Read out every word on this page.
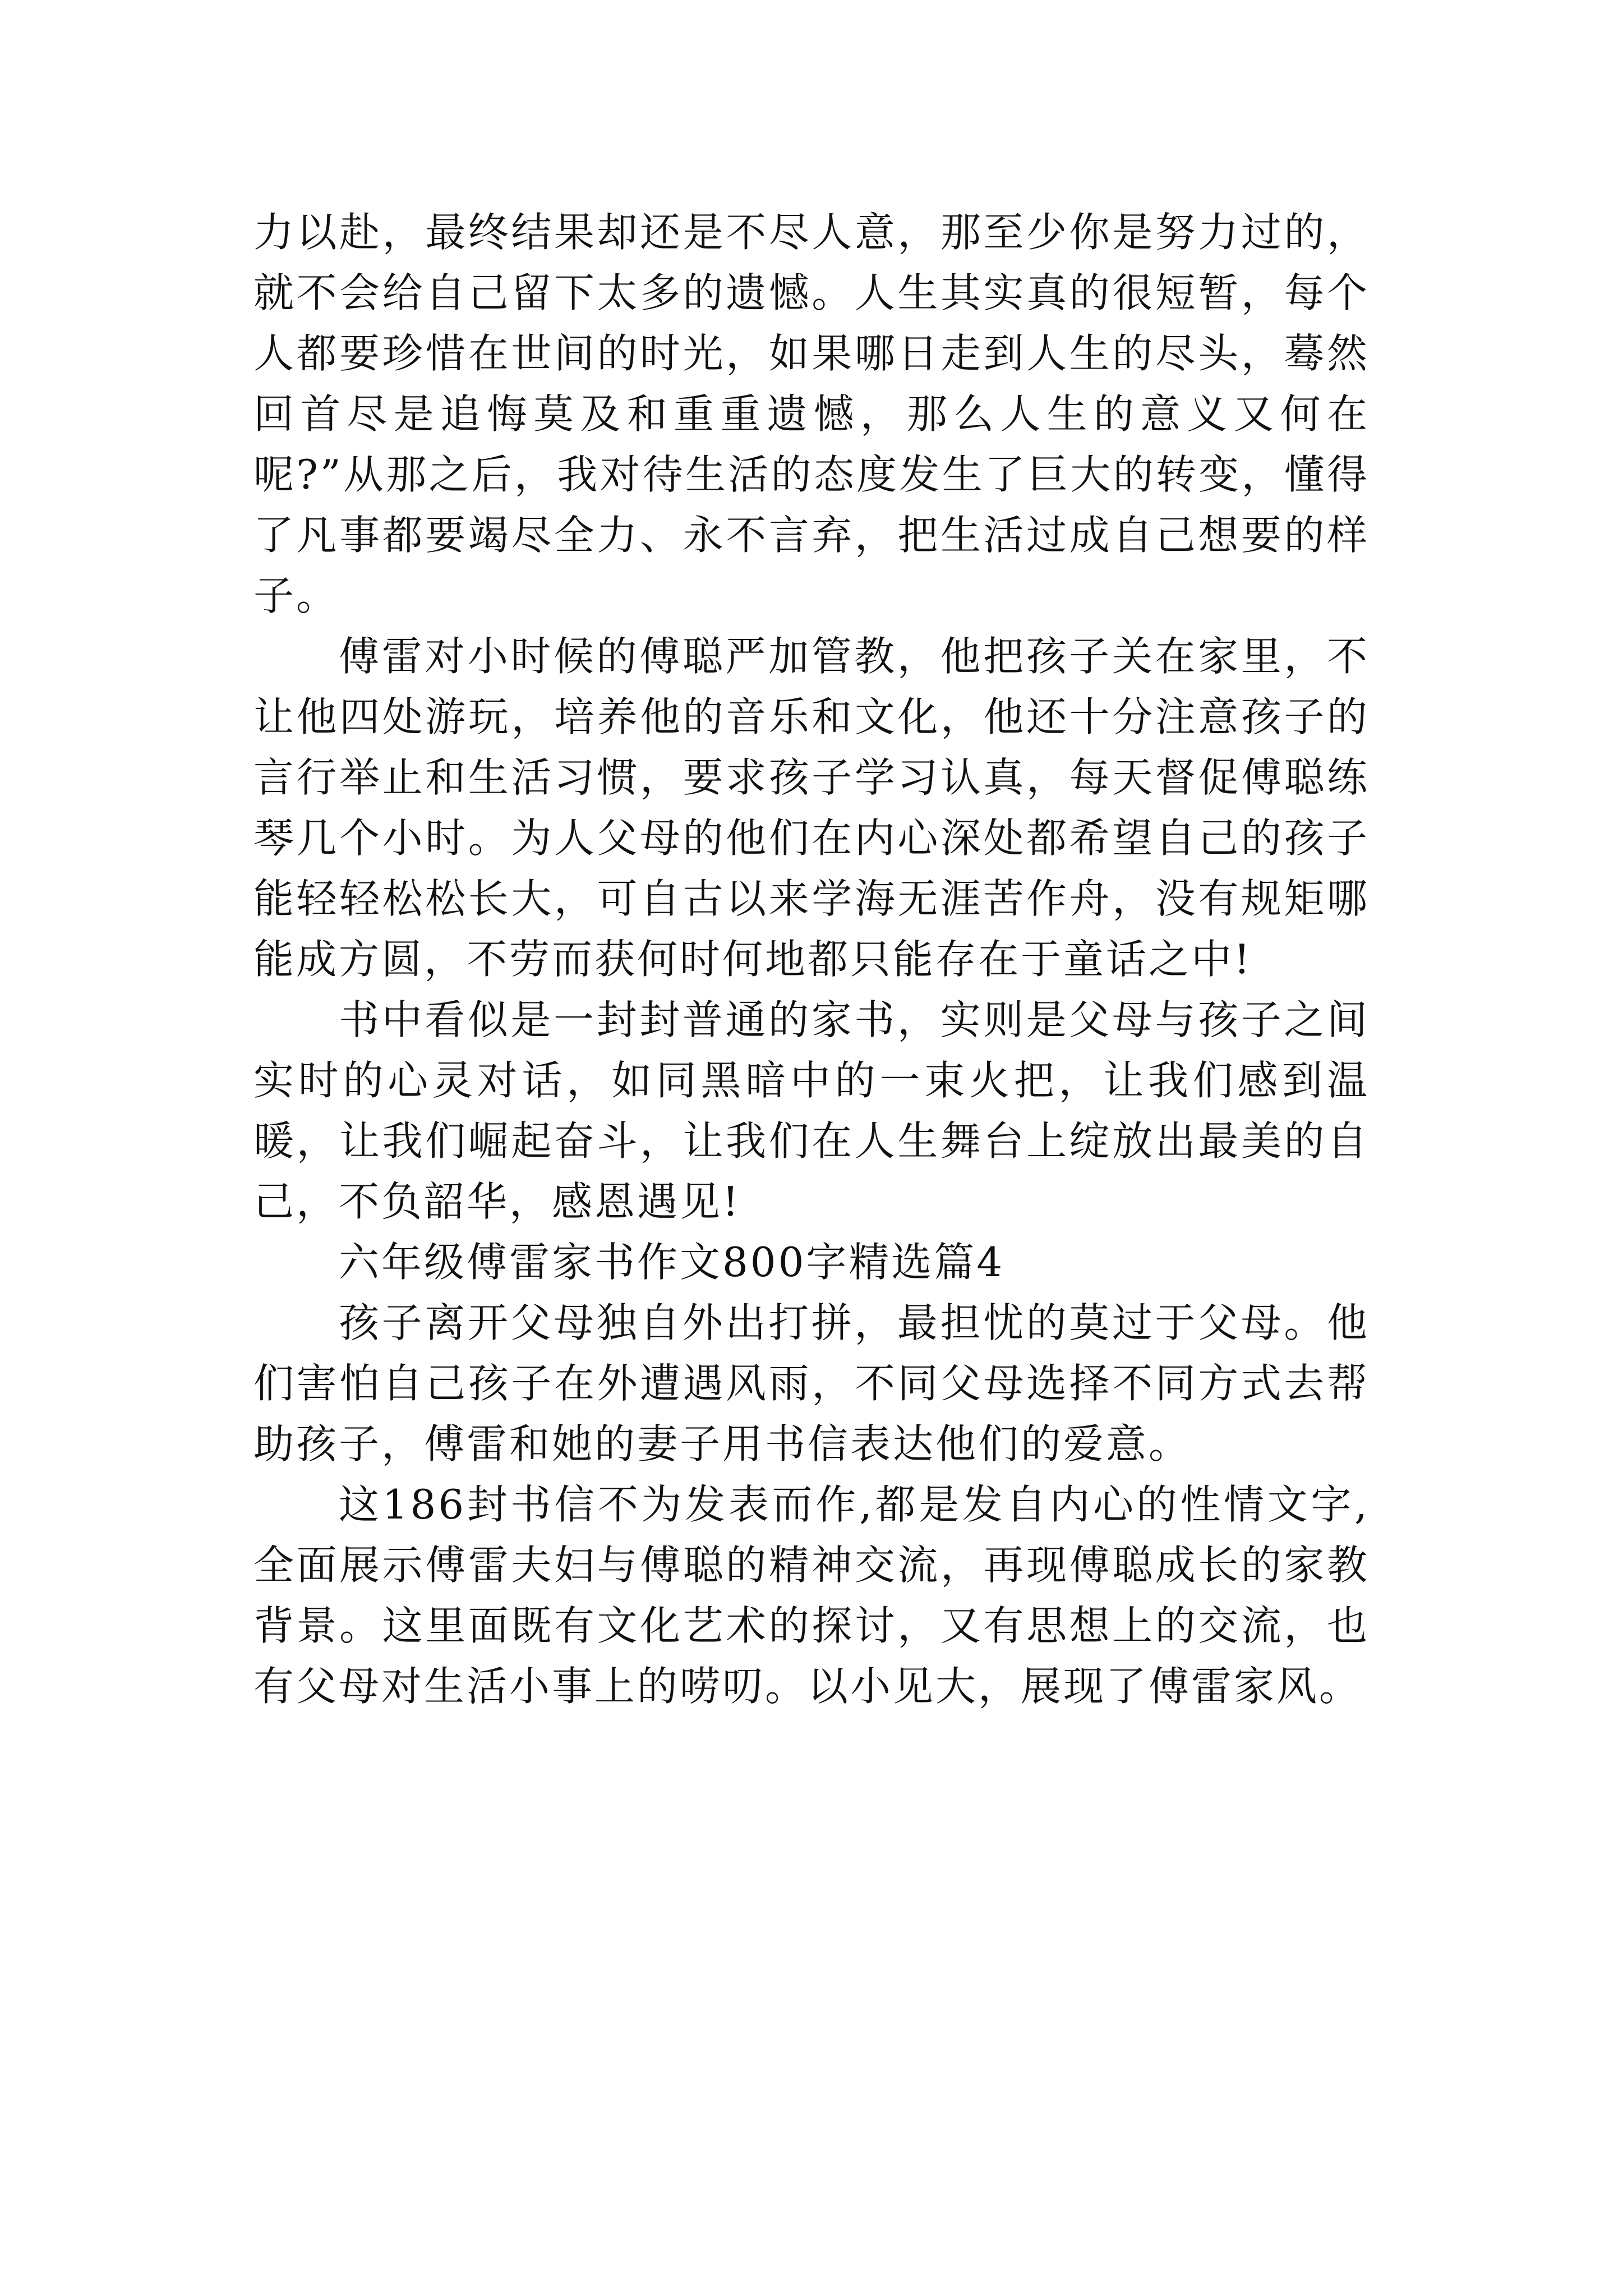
力以赴，最终结果却还是不尽人意，那至少你是努力过的，就不会给自己留下太多的遗憾。人生其实真的很短暂，每个人都要珍惜在世间的时光，如果哪日走到人生的尽头，蓦然回首尽是追悔莫及和重重遗憾，那么人生的意义又何在呢?”从那之后，我对待生活的态度发生了巨大的转变，懂得了凡事都要竭尽全力、永不言弃，把生活过成自己想要的样子。

傅雷对小时候的傅聪严加管教，他把孩子关在家里，不让他四处游玩，培养他的音乐和文化，他还十分注意孩子的言行举止和生活习惯，要求孩子学习认真，每天督促傅聪练琴几个小时。为人父母的他们在内心深处都希望自己的孩子能轻轻松松长大，可自古以来学海无涯苦作舟，没有规矩哪能成方圆，不劳而获何时何地都只能存在于童话之中!

书中看似是一封封普通的家书，实则是父母与孩子之间实时的心灵对话，如同黑暗中的一束火把，让我们感到温暖，让我们崛起奋斗，让我们在人生舞台上绽放出最美的自己，不负韶华，感恩遇见!

六年级傅雷家书作文800字精选篇4

孩子离开父母独自外出打拼，最担忧的莫过于父母。他们害怕自己孩子在外遭遇风雨，不同父母选择不同方式去帮助孩子，傅雷和她的妻子用书信表达他们的爱意。

这186封书信不为发表而作,都是发自内心的性情文字,全面展示傅雷夫妇与傅聪的精神交流，再现傅聪成长的家教背景。这里面既有文化艺术的探讨，又有思想上的交流，也有父母对生活小事上的唠叨。以小见大，展现了傅雷家风。
